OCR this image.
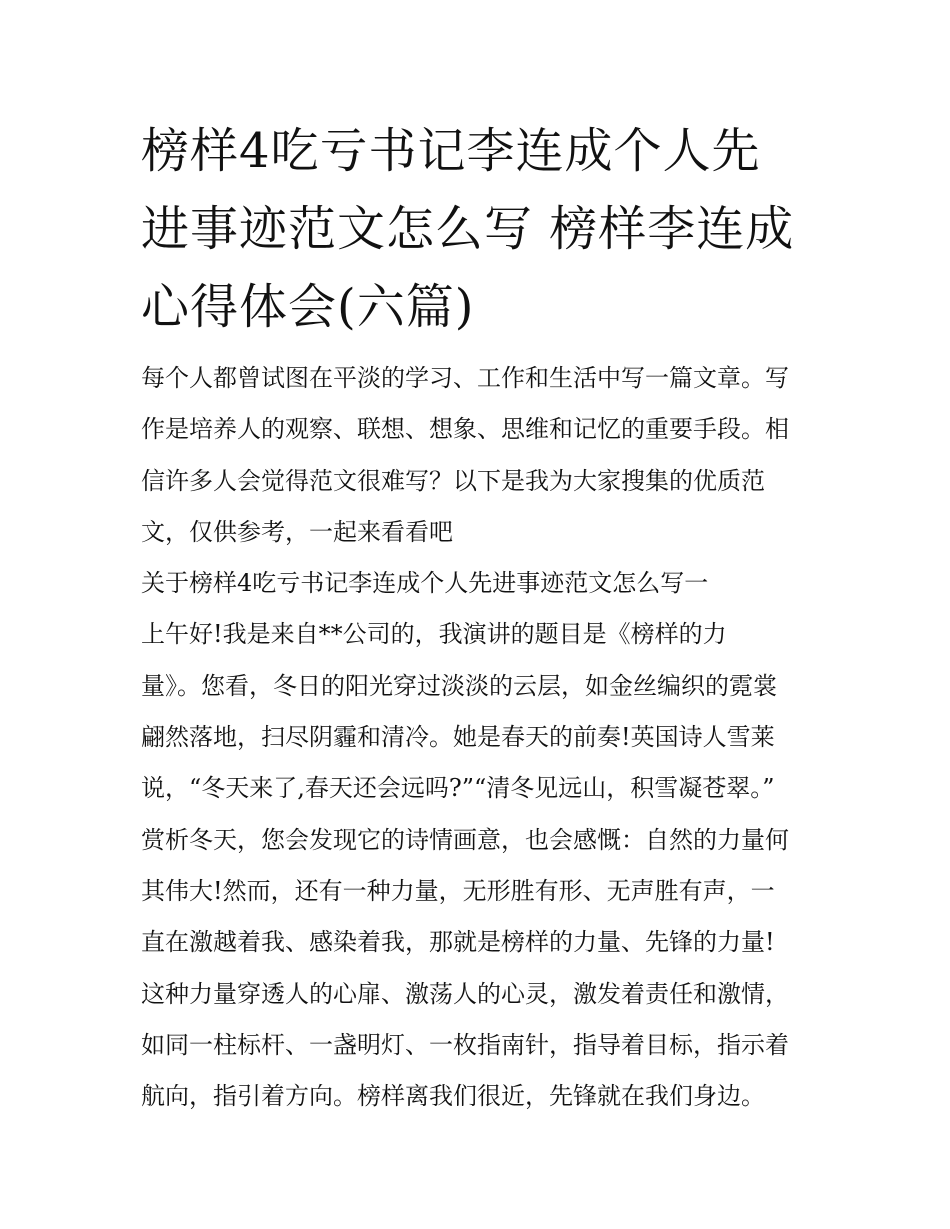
榜样4吃亏书记李连成个人先
进事迹范文怎么写 榜样李连成
心得体会(六篇)
每个人都曾试图在平淡的学习、工作和生活中写一篇文章。写
作是培养人的观察、联想、想象、思维和记忆的重要手段。相
信许多人会觉得范文很难写？以下是我为大家搜集的优质范
文，仅供参考，一起来看看吧
关于榜样4吃亏书记李连成个人先进事迹范文怎么写一
上午好!我是来自**公司的，我演讲的题目是《榜样的力
量》。您看，冬日的阳光穿过淡淡的云层，如金丝编织的霓裳
翩然落地，扫尽阴霾和清冷。她是春天的前奏!英国诗人雪莱
说，“冬天来了,春天还会远吗?”“清冬见远山，积雪凝苍翠。”
赏析冬天，您会发现它的诗情画意，也会感慨：自然的力量何
其伟大!然而，还有一种力量，无形胜有形、无声胜有声，一
直在激越着我、感染着我，那就是榜样的力量、先锋的力量!
这种力量穿透人的心扉、激荡人的心灵，激发着责任和激情，
如同一柱标杆、一盏明灯、一枚指南针，指导着目标，指示着
航向，指引着方向。榜样离我们很近，先锋就在我们身边。
